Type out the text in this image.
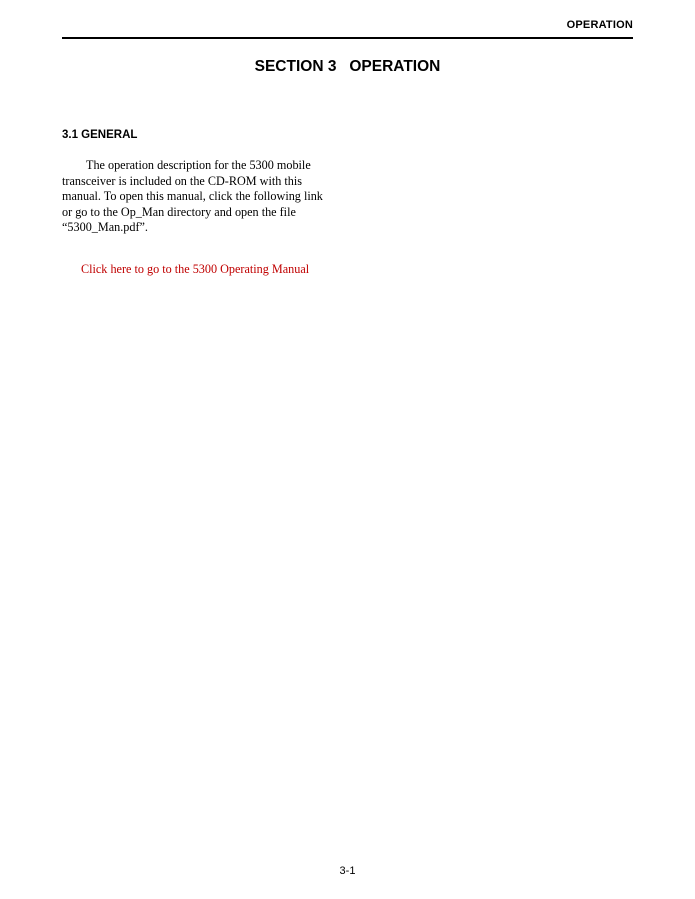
OPERATION
SECTION 3   OPERATION
3.1 GENERAL

The operation description for the 5300 mobile
transceiver is included on the CD-ROM with this
manual. To open this manual, click the following link
or go to the Op_Man directory and open the file
“5300_Man.pdf”.

Click here to go to the 5300 Operating Manual
3-1
